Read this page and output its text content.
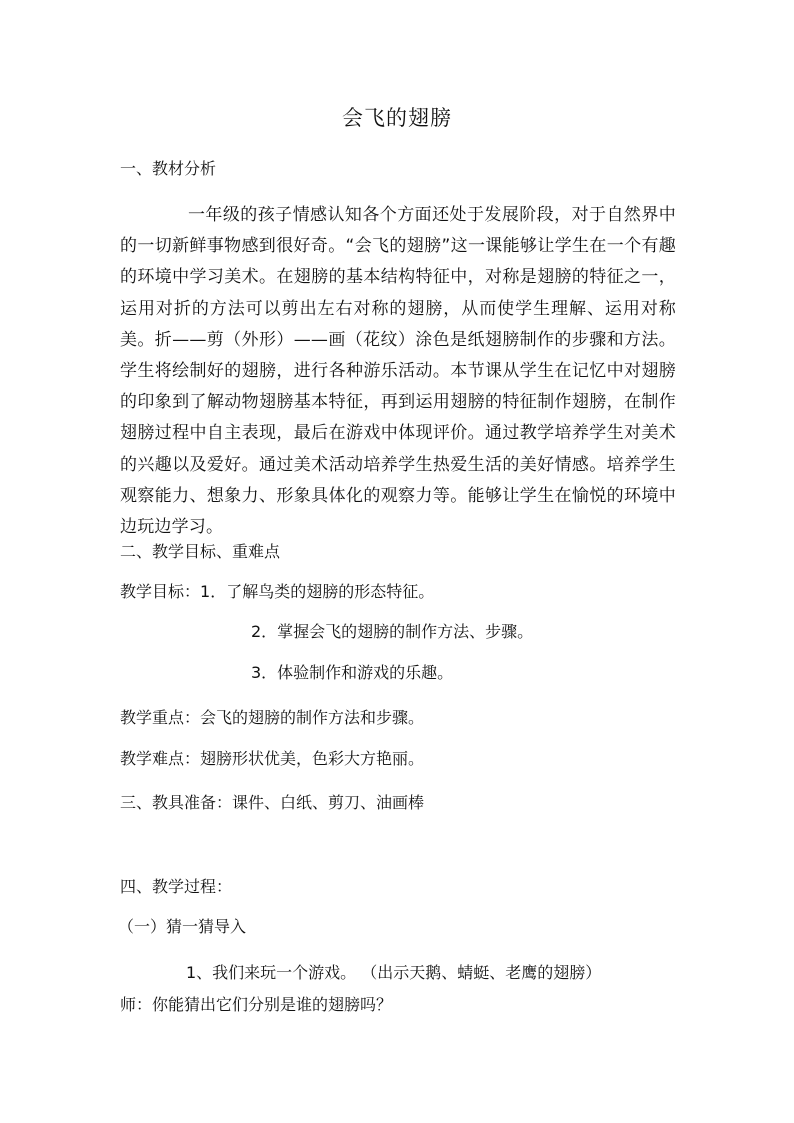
会飞的翅膀
一、教材分析
一年级的孩子情感认知各个方面还处于发展阶段，对于自然界中的一切新鲜事物感到很好奇。“会飞的翅膀”这一课能够让学生在一个有趣的环境中学习美术。在翅膀的基本结构特征中，对称是翅膀的特征之一，运用对折的方法可以剪出左右对称的翅膀，从而使学生理解、运用对称美。折——剪（外形）——画（花纹）涂色是纸翅膀制作的步骤和方法。学生将绘制好的翅膀，进行各种游乐活动。本节课从学生在记忆中对翅膀的印象到了解动物翅膀基本特征，再到运用翅膀的特征制作翅膀，在制作翅膀过程中自主表现，最后在游戏中体现评价。通过教学培养学生对美术的兴趣以及爱好。通过美术活动培养学生热爱生活的美好情感。培养学生观察能力、想象力、形象具体化的观察力等。能够让学生在愉悦的环境中边玩边学习。
二、教学目标、重难点
教学目标：1．了解鸟类的翅膀的形态特征。
2．掌握会飞的翅膀的制作方法、步骤。
3．体验制作和游戏的乐趣。
教学重点：会飞的翅膀的制作方法和步骤。
教学难点：翅膀形状优美，色彩大方艳丽。
三、教具准备：课件、白纸、剪刀、油画棒
四、教学过程：
（一）猜一猜导入
1、我们来玩一个游戏。 （出示天鹅、蜻蜓、老鹰的翅膀）
师：你能猜出它们分别是谁的翅膀吗？
